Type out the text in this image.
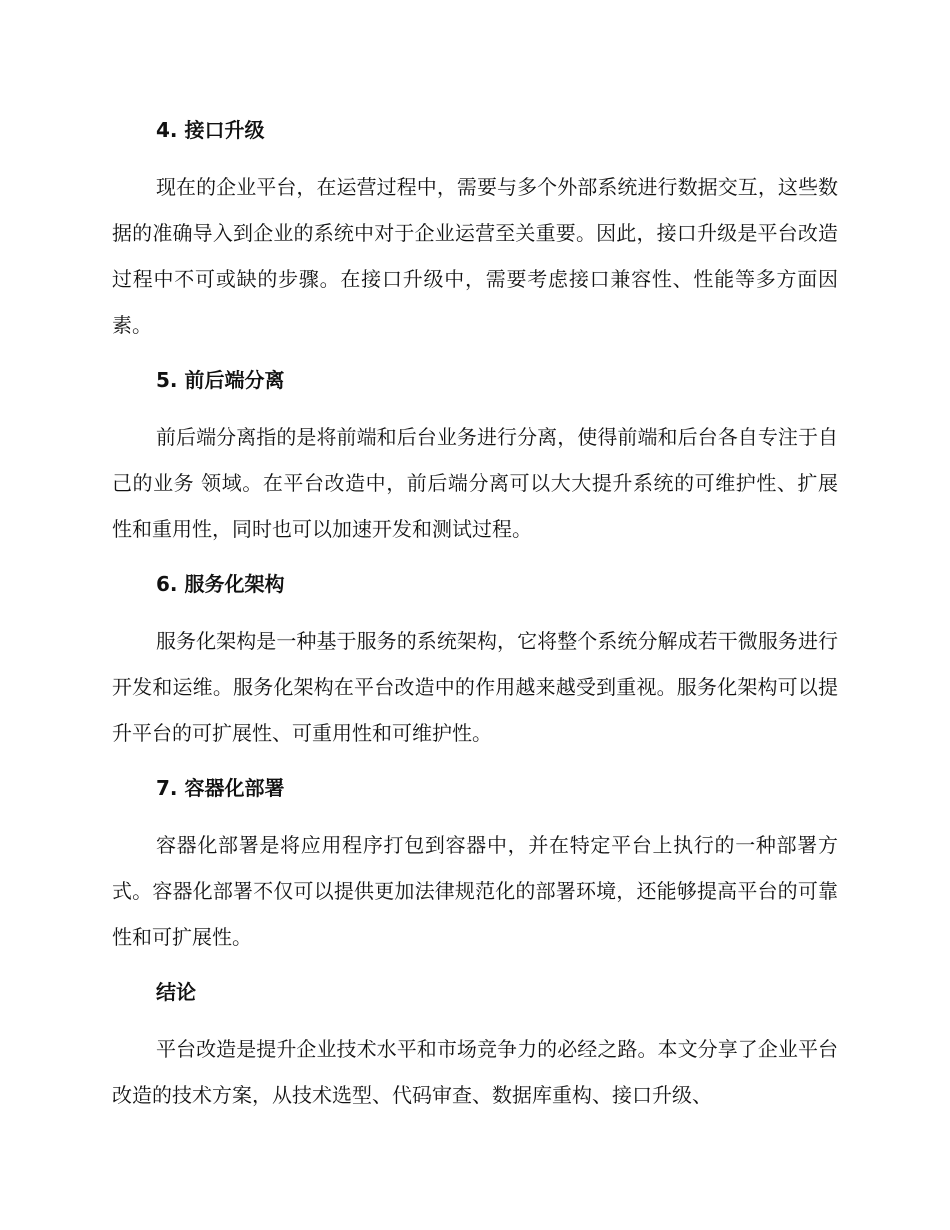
4. 接口升级

现在的企业平台，在运营过程中，需要与多个外部系统进行数据交互，这些数据的准确导入到企业的系统中对于企业运营至关重要。因此，接口升级是平台改造过程中不可或缺的步骤。在接口升级中，需要考虑接口兼容性、性能等多方面因素。

5. 前后端分离

前后端分离指的是将前端和后台业务进行分离，使得前端和后台各自专注于自己的业务 领域。在平台改造中，前后端分离可以大大提升系统的可维护性、扩展性和重用性，同时也可以加速开发和测试过程。

6. 服务化架构

服务化架构是一种基于服务的系统架构，它将整个系统分解成若干微服务进行开发和运维。服务化架构在平台改造中的作用越来越受到重视。服务化架构可以提升平台的可扩展性、可重用性和可维护性。

7. 容器化部署

容器化部署是将应用程序打包到容器中，并在特定平台上执行的一种部署方式。容器化部署不仅可以提供更加法律规范化的部署环境，还能够提高平台的可靠性和可扩展性。

结论

平台改造是提升企业技术水平和市场竞争力的必经之路。本文分享了企业平台改造的技术方案，从技术选型、代码审查、数据库重构、接口升级、
